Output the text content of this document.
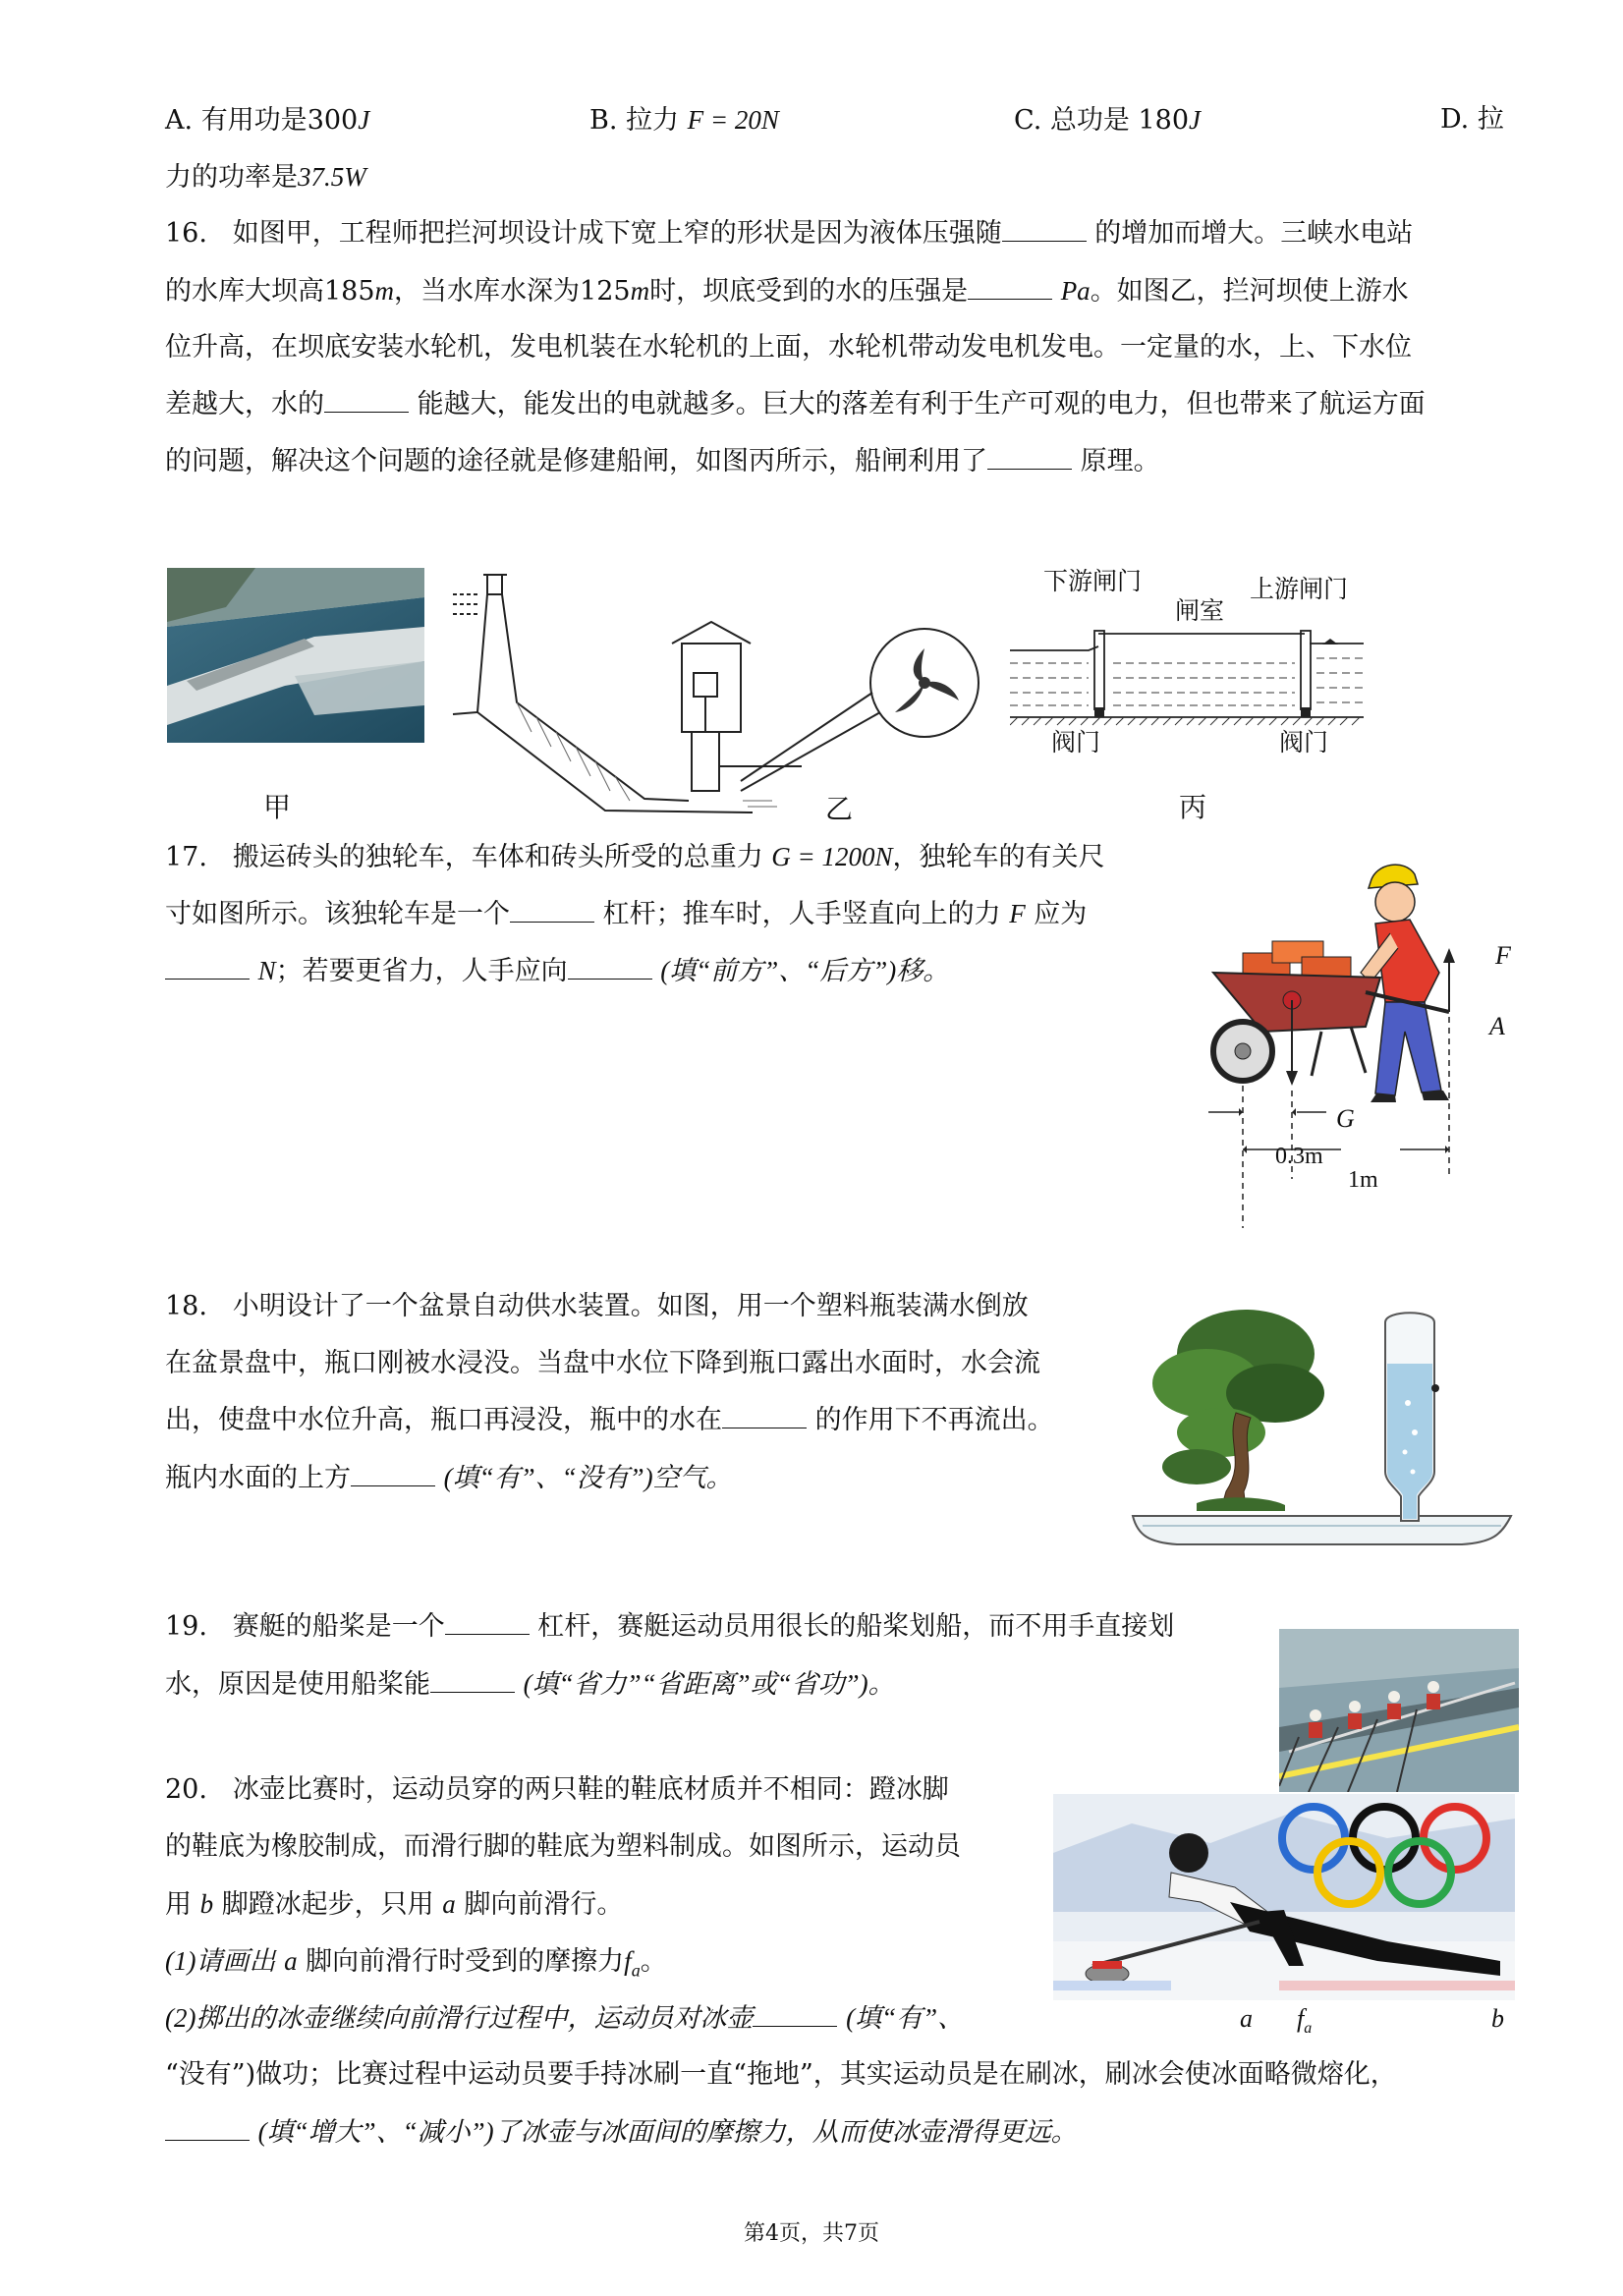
A. 有用功是300J	B. 拉力 F = 20N	C. 总功是 180J	D. 拉
力的功率是37.5W
16. 如图甲，工程师把拦河坝设计成下宽上窄的形状是因为液体压强随	的增加而增大。三峡水电站
的水库大坝高185m，当水库水深为125m时，坝底受到的水的压强是	Pa。如图乙，拦河坝使上游水
位升高，在坝底安装水轮机，发电机装在水轮机的上面，水轮机带动发电机发电。一定量的水，上、下水位
差越大，水的	能越大，能发出的电就越多。巨大的落差有利于生产可观的电力，但也带来了航运方面
的问题，解决这个问题的途径就是修建船闸，如图丙所示，船闸利用了	原理。
甲	乙
下游闸门
闸室
上游闸门
阀门	阀门
丙
17. 搬运砖头的独轮车，车体和砖头所受的总重力 G = 1200N，独轮车的有关尺
寸如图所示。该独轮车是一个	杠杆；推车时，人手竖直向上的力 F 应为
N；若要更省力，人手应向	(填“前方”、“后方”)移。
F
A
G
0.3m
1m
18. 小明设计了一个盆景自动供水装置。如图，用一个塑料瓶装满水倒放
在盆景盘中，瓶口刚被水浸没。当盘中水位下降到瓶口露出水面时，水会流
出，使盘中水位升高，瓶口再浸没，瓶中的水在	的作用下不再流出。
瓶内水面的上方	(填“有”、“没有”)空气。
19. 赛艇的船桨是一个	杠杆，赛艇运动员用很长的船桨划船，而不用手直接划
水，原因是使用船桨能	(填“省力”“省距离”或“省功”)。
20. 冰壶比赛时，运动员穿的两只鞋的鞋底材质并不相同：蹬冰脚
的鞋底为橡胶制成，而滑行脚的鞋底为塑料制成。如图所示，运动员
用 b 脚蹬冰起步，只用 a 脚向前滑行。
(1)请画出 a 脚向前滑行时受到的摩擦力$f_a$。
(2)掷出的冰壶继续向前滑行过程中，运动员对冰壶	(填“有”、
“没有”)做功；比赛过程中运动员要手持冰刷一直“拖地”，其实运动员是在刷冰，刷冰会使冰面略微熔化，
(填“增大”、“减小”)了冰壶与冰面间的摩擦力，从而使冰壶滑得更远。
a $f_a$	b
第4页，共7页
